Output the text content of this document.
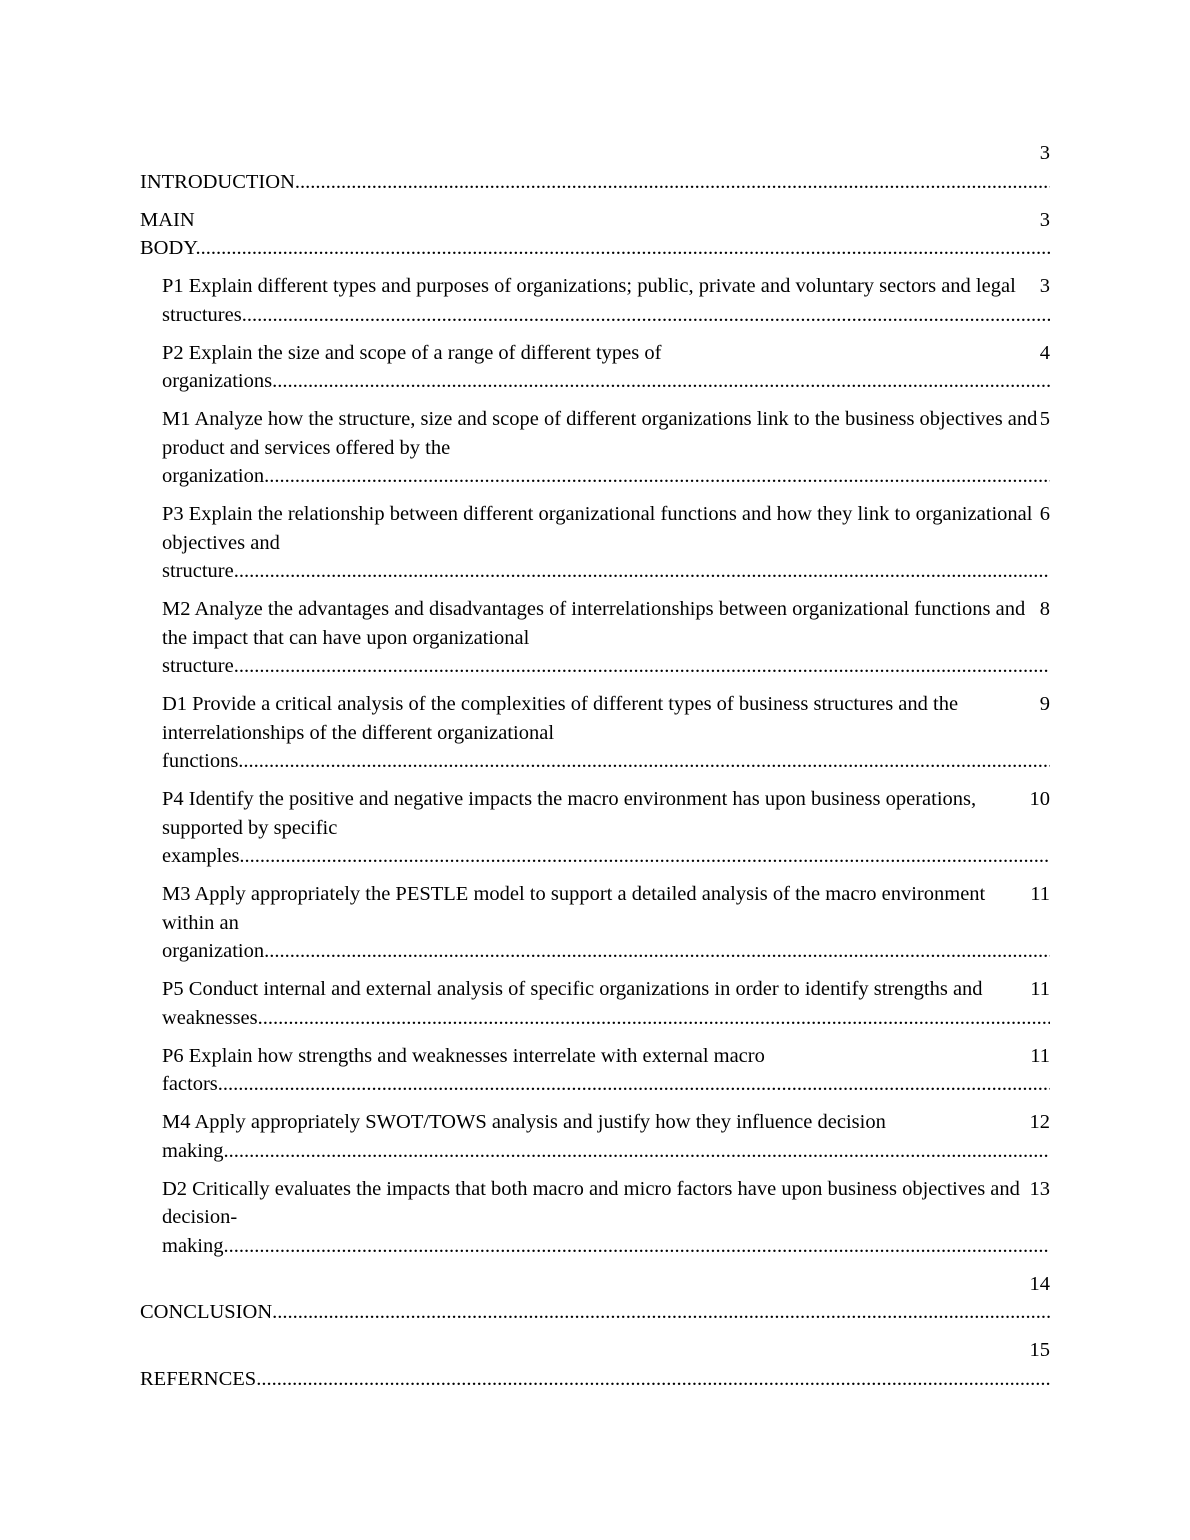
3
INTRODUCTION .....
3
MAIN BODY .....
3
P1 Explain different types and purposes of organizations; public, private and voluntary sectors and legal structures. .....
4
P2 Explain the size and scope of a range of different types of organizations. .....
5
M1 Analyze how the structure, size and scope of different organizations link to the business objectives and product and services offered by the organization. .....
6
P3 Explain the relationship between different organizational functions and how they link to organizational objectives and structure. .....
8
M2 Analyze the advantages and disadvantages of interrelationships between organizational functions and the impact that can have upon organizational structure. .....
9
D1 Provide a critical analysis of the complexities of different types of business structures and the interrelationships of the different organizational functions. .....
10
P4 Identify the positive and negative impacts the macro environment has upon business operations, supported by specific examples. .....
11
M3 Apply appropriately the PESTLE model to support a detailed analysis of the macro environment within an organization. .....
11
P5 Conduct internal and external analysis of specific organizations in order to identify strengths and weaknesses. .....
11
P6 Explain how strengths and weaknesses interrelate with external macro factors .....
12
M4 Apply appropriately SWOT/TOWS analysis and justify how they influence decision making. .....
13
D2 Critically evaluates the impacts that both macro and micro factors have upon business objectives and decision-making. .....
14
CONCLUSION .....
15
REFERNCES .....
